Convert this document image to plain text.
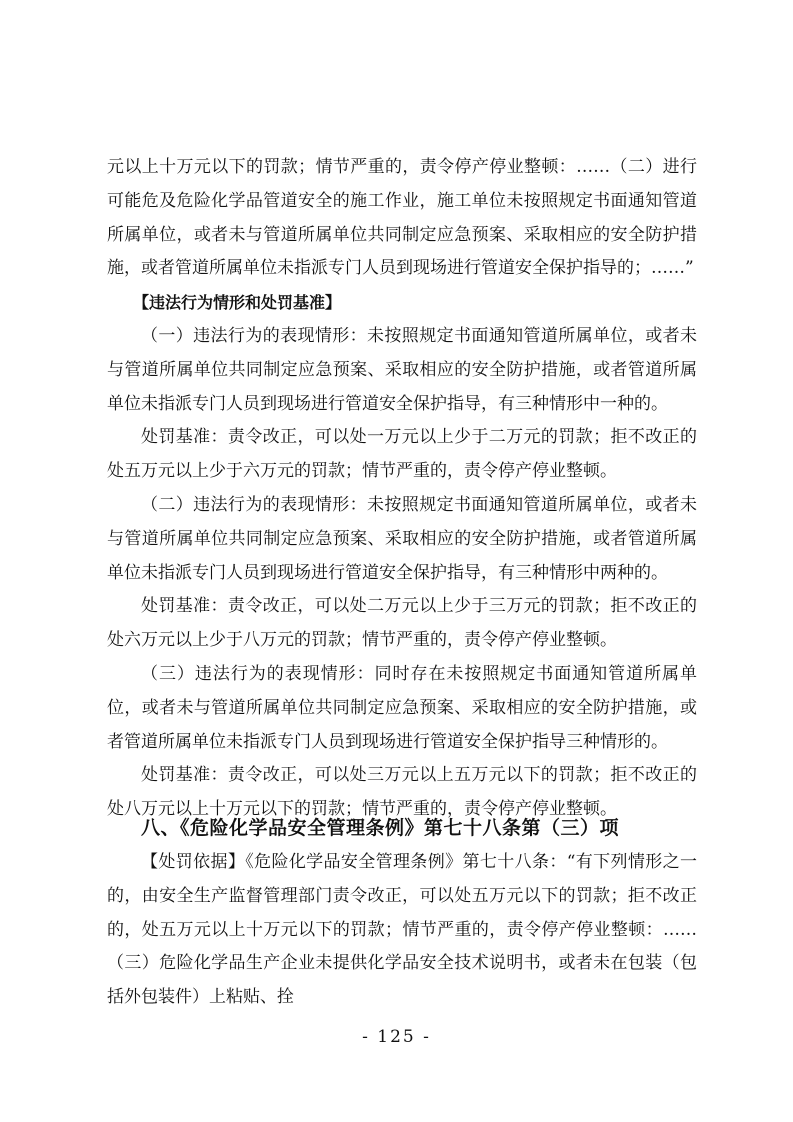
元以上十万元以下的罚款；情节严重的，责令停产停业整顿：……（二）进行可能危及危险化学品管道安全的施工作业，施工单位未按照规定书面通知管道所属单位，或者未与管道所属单位共同制定应急预案、采取相应的安全防护措施，或者管道所属单位未指派专门人员到现场进行管道安全保护指导的；……”

【违法行为情形和处罚基准】

（一）违法行为的表现情形：未按照规定书面通知管道所属单位，或者未与管道所属单位共同制定应急预案、采取相应的安全防护措施，或者管道所属单位未指派专门人员到现场进行管道安全保护指导，有三种情形中一种的。

处罚基准：责令改正，可以处一万元以上少于二万元的罚款；拒不改正的处五万元以上少于六万元的罚款；情节严重的，责令停产停业整顿。

（二）违法行为的表现情形：未按照规定书面通知管道所属单位，或者未与管道所属单位共同制定应急预案、采取相应的安全防护措施，或者管道所属单位未指派专门人员到现场进行管道安全保护指导，有三种情形中两种的。

处罚基准：责令改正，可以处二万元以上少于三万元的罚款；拒不改正的处六万元以上少于八万元的罚款；情节严重的，责令停产停业整顿。

（三）违法行为的表现情形：同时存在未按照规定书面通知管道所属单位，或者未与管道所属单位共同制定应急预案、采取相应的安全防护措施，或者管道所属单位未指派专门人员到现场进行管道安全保护指导三种情形的。

处罚基准：责令改正，可以处三万元以上五万元以下的罚款；拒不改正的处八万元以上十万元以下的罚款；情节严重的，责令停产停业整顿。

八、《危险化学品安全管理条例》第七十八条第（三）项

【处罚依据】《危险化学品安全管理条例》第七十八条：“有下列情形之一的，由安全生产监督管理部门责令改正，可以处五万元以下的罚款；拒不改正的，处五万元以上十万元以下的罚款；情节严重的，责令停产停业整顿：……（三）危险化学品生产企业未提供化学品安全技术说明书，或者未在包装（包括外包装件）上粘贴、拴

- 125 -
